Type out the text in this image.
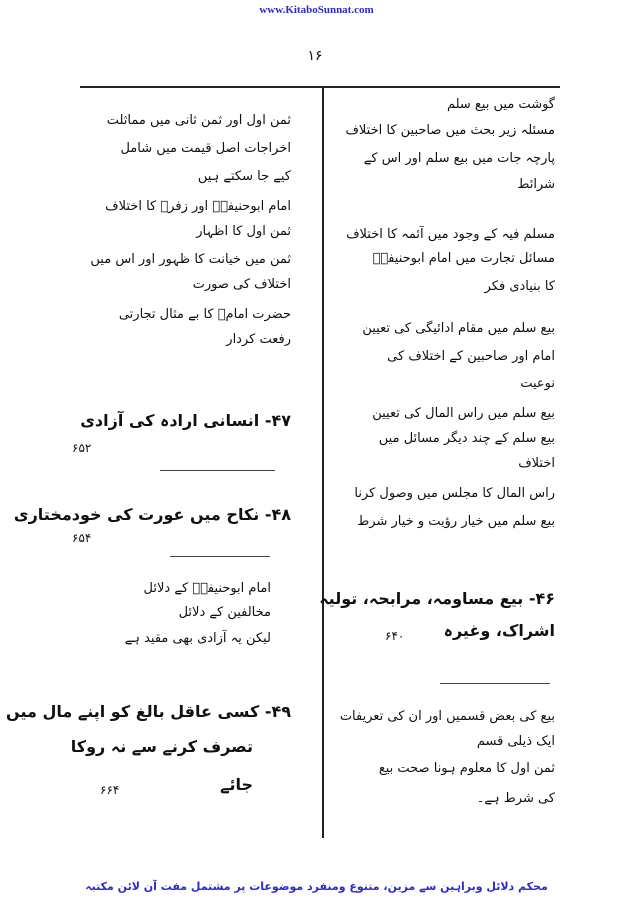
www.KitaboSunnat.com
۱۶
گوشت میں بیع سلم
مسئلہ زیر بحث میں صاحبین کا اختلاف
پارچہ جات میں بیع سلم اور اس کے
شرائط
مسلم فیہ کے وجود میں آئمہ کا اختلاف
مسائل تجارت میں امام ابوحنیفہؒ
کا بنیادی فکر
بیع سلم میں مقام ادائیگی کی تعیین
امام اور صاحبین کے اختلاف کی
نوعیت
بیع سلم میں راس المال کی تعیین
بیع سلم کے چند دیگر مسائل میں
اختلاف
راس المال کا مجلس میں وصول کرنا
بیع سلم میں خیار رؤیت و خیار شرط
۴۶- بیع مساومہ، مرابحہ، تولیہ
اشراک، وغیرہ
۶۴۰
بیع کی بعض قسمیں اور ان کی تعریفات
ایک ذیلی قسم
ثمن اول کا معلوم ہونا صحت بیع
کی شرط ہے۔
ثمن اول اور ثمن ثانی میں مماثلت
اخراجات اصل قیمت میں شامل
کیے جا سکتے ہیں
امام ابوحنیفہؒ اور زفرؒ کا اختلاف
ثمن اول کا اظہار
ثمن میں خیانت کا ظہور اور اس میں
اختلاف کی صورت
حضرت امامؒ کا بے مثال تجارتی
رفعت کردار
۴۷- انسانی ارادہ کی آزادی
۶۵۲
۴۸- نکاح میں عورت کی خودمختاری
۶۵۴
امام ابوحنیفہؒ کے دلائل
مخالفین کے دلائل
لیکن یہ آزادی بھی مقید ہے
۴۹- کسی عاقل بالغ کو اپنے مال میں
تصرف کرنے سے نہ روکا
جائے
۶۶۴
محکم دلائل وبراہین سے مزین، متنوع ومنفرد موضوعات پر مشتمل مفت آن لائن مکتبہ
